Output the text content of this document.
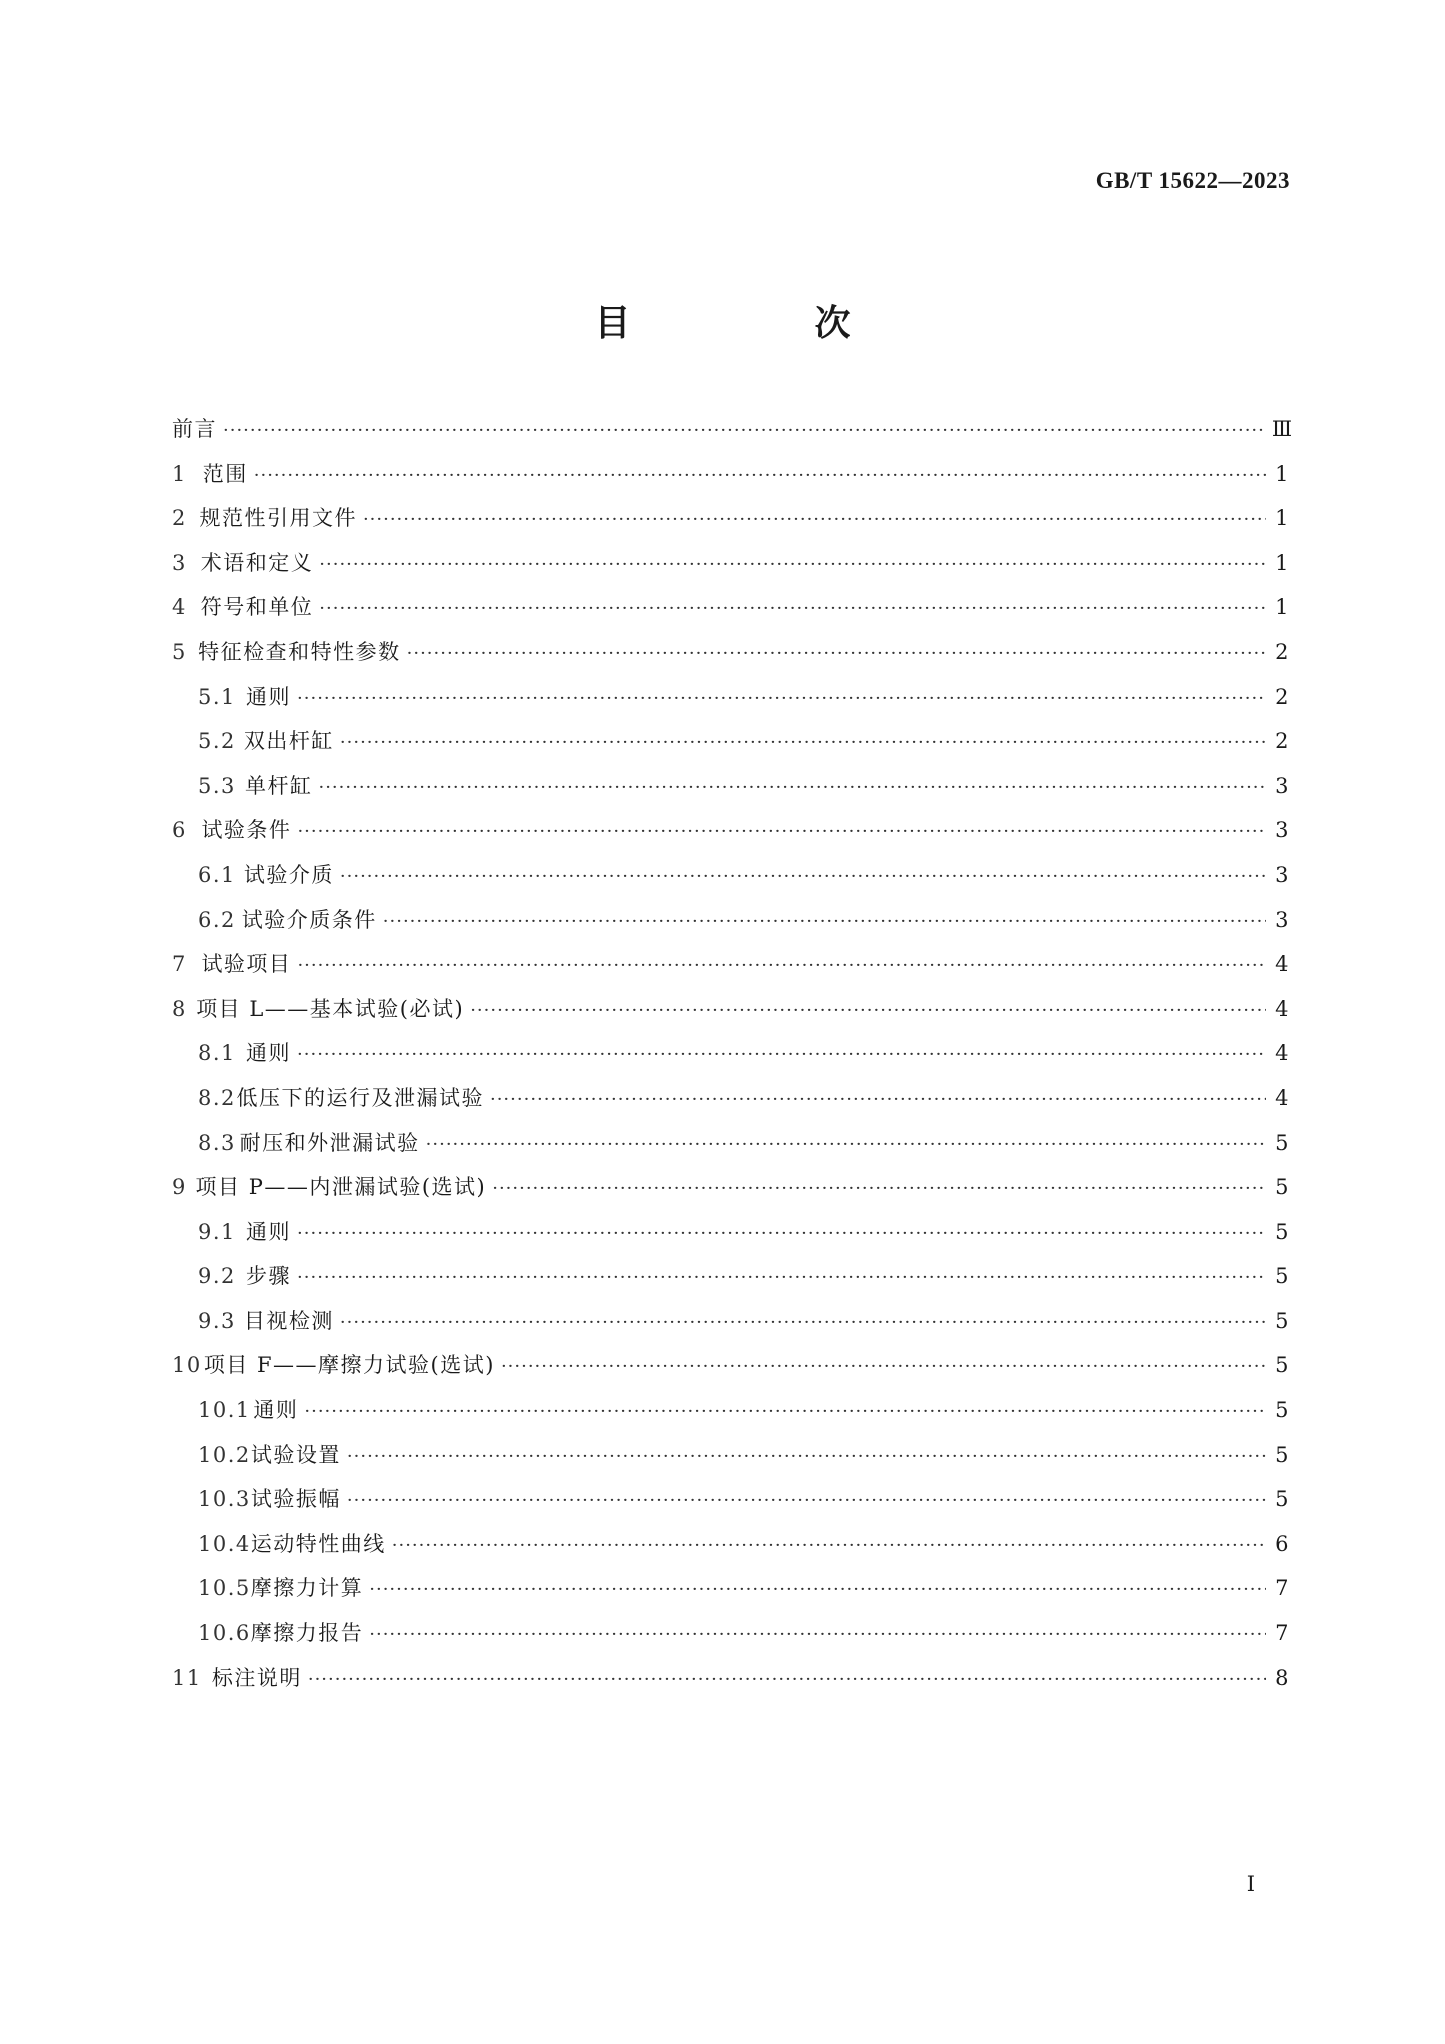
GB/T 15622—2023
目　次
前言 ·····	Ⅲ
1 范围 ·····	1
2 规范性引用文件 ·····	1
3 术语和定义 ·····	1
4 符号和单位 ·····	1
5 特征检查和特性参数 ·····	2
5.1 通则 ·····	2
5.2 双出杆缸 ·····	2
5.3 单杆缸 ·····	3
6 试验条件 ·····	3
6.1 试验介质 ·····	3
6.2 试验介质条件 ·····	3
7 试验项目 ·····	4
8 项目 L——基本试验(必试) ·····	4
8.1 通则 ·····	4
8.2 低压下的运行及泄漏试验 ·····	4
8.3 耐压和外泄漏试验 ·····	5
9 项目 P——内泄漏试验(选试) ·····	5
9.1 通则 ·····	5
9.2 步骤 ·····	5
9.3 目视检测 ·····	5
10 项目 F——摩擦力试验(选试) ·····	5
10.1 通则 ·····	5
10.2 试验设置 ·····	5
10.3 试验振幅 ·····	5
10.4 运动特性曲线 ·····	6
10.5 摩擦力计算 ·····	7
10.6 摩擦力报告 ·····	7
11 标注说明 ·····	8
I
